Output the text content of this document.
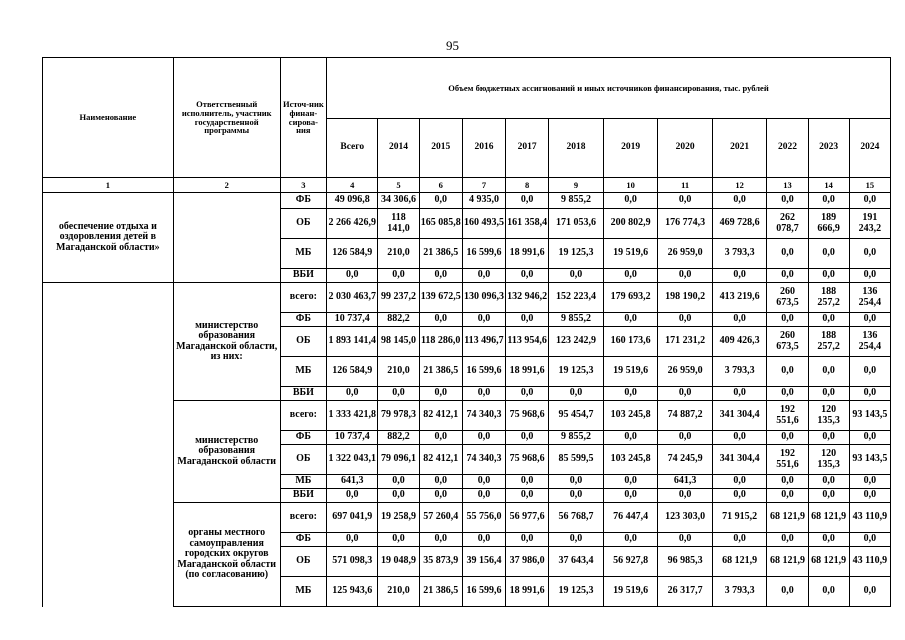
95
Наименование	Ответственный исполнитель, участник государственной программы	Источ-ник финан-сирова-ния	Объем бюджетных ассигнований и иных источников финансирования, тыс. рублей											
			Всего	2014	2015	2016	2017	2018	2019	2020	2021	2022	2023	2024
1	2	3	4	5	6	7	8	9	10	11	12	13	14	15
обеспечение отдыха и оздоровления детей в Магаданской области»		ФБ	49 096,8	34 306,6	0,0	4 935,0	0,0	9 855,2	0,0	0,0	0,0	0,0	0,0	0,0
		ОБ	2 266 426,9	118 141,0	165 085,8	160 493,5	161 358,4	171 053,6	200 802,9	176 774,3	469 728,6	262 078,7	189 666,9	191 243,2
		МБ	126 584,9	210,0	21 386,5	16 599,6	18 991,6	19 125,3	19 519,6	26 959,0	3 793,3	0,0	0,0	0,0
		ВБИ	0,0	0,0	0,0	0,0	0,0	0,0	0,0	0,0	0,0	0,0	0,0	0,0
	министерство образования Магаданской области, из них:	всего:	2 030 463,7	99 237,2	139 672,5	130 096,3	132 946,2	152 223,4	179 693,2	198 190,2	413 219,6	260 673,5	188 257,2	136 254,4
		ФБ	10 737,4	882,2	0,0	0,0	0,0	9 855,2	0,0	0,0	0,0	0,0	0,0	0,0
		ОБ	1 893 141,4	98 145,0	118 286,0	113 496,7	113 954,6	123 242,9	160 173,6	171 231,2	409 426,3	260 673,5	188 257,2	136 254,4
		МБ	126 584,9	210,0	21 386,5	16 599,6	18 991,6	19 125,3	19 519,6	26 959,0	3 793,3	0,0	0,0	0,0
		ВБИ	0,0	0,0	0,0	0,0	0,0	0,0	0,0	0,0	0,0	0,0	0,0	0,0
	министерство образования Магаданской области	всего:	1 333 421,8	79 978,3	82 412,1	74 340,3	75 968,6	95 454,7	103 245,8	74 887,2	341 304,4	192 551,6	120 135,3	93 143,5
		ФБ	10 737,4	882,2	0,0	0,0	0,0	9 855,2	0,0	0,0	0,0	0,0	0,0	0,0
		ОБ	1 322 043,1	79 096,1	82 412,1	74 340,3	75 968,6	85 599,5	103 245,8	74 245,9	341 304,4	192 551,6	120 135,3	93 143,5
		МБ	641,3	0,0	0,0	0,0	0,0	0,0	0,0	641,3	0,0	0,0	0,0	0,0
		ВБИ	0,0	0,0	0,0	0,0	0,0	0,0	0,0	0,0	0,0	0,0	0,0	0,0
	органы местного самоуправления городских округов Магаданской области (по согласованию)	всего:	697 041,9	19 258,9	57 260,4	55 756,0	56 977,6	56 768,7	76 447,4	123 303,0	71 915,2	68 121,9	68 121,9	43 110,9
		ФБ	0,0	0,0	0,0	0,0	0,0	0,0	0,0	0,0	0,0	0,0	0,0	0,0
		ОБ	571 098,3	19 048,9	35 873,9	39 156,4	37 986,0	37 643,4	56 927,8	96 985,3	68 121,9	68 121,9	68 121,9	43 110,9
		МБ	125 943,6	210,0	21 386,5	16 599,6	18 991,6	19 125,3	19 519,6	26 317,7	3 793,3	0,0	0,0	0,0
